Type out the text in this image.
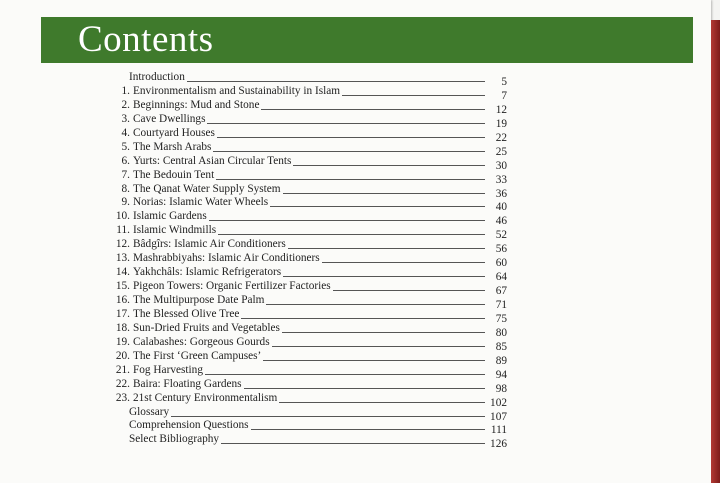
Contents
Introduction	5
1. Environmentalism and Sustainability in Islam	7
2. Beginnings: Mud and Stone	12
3. Cave Dwellings	19
4. Courtyard Houses	22
5. The Marsh Arabs	25
6. Yurts: Central Asian Circular Tents	30
7. The Bedouin Tent	33
8. The Qanat Water Supply System	36
9. Norias: Islamic Water Wheels	40
10. Islamic Gardens	46
11. Islamic Windmills	52
12. Bâdgîrs: Islamic Air Conditioners	56
13. Mashrabbiyahs: Islamic Air Conditioners	60
14. Yakhchâls: Islamic Refrigerators	64
15. Pigeon Towers: Organic Fertilizer Factories	67
16. The Multipurpose Date Palm	71
17. The Blessed Olive Tree	75
18. Sun-Dried Fruits and Vegetables	80
19. Calabashes: Gorgeous Gourds	85
20. The First ‘Green Campuses’	89
21. Fog Harvesting	94
22. Baira: Floating Gardens	98
23. 21st Century Environmentalism	102
Glossary	107
Comprehension Questions	111
Select Bibliography	126
